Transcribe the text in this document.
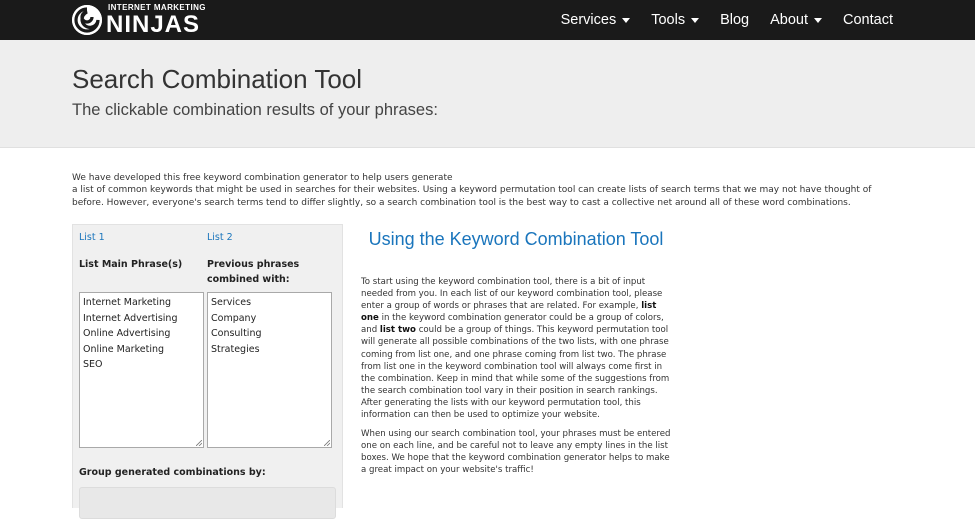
INTERNET MARKETING
NINJAS	Services Tools Blog About Contact
Search Combination Tool
The clickable combination results of your phrases:

We have developed this free keyword combination generator to help users generate

a list of common keywords that might be used in searches for their websites. Using a keyword permutation tool can create lists of search terms that we may not have thought of before. However, everyone's search terms tend to differ slightly, so a search combination tool is the best way to cast a collective net around all of these word combinations.

List 1
List Main Phrase(s)
Internet Marketing
Internet Advertising
Online Advertising
Online Marketing
SEO
List 2
Previous phrases combined with:
Services
Company
Consulting
Strategies
Group generated combinations by:
Using the Keyword Combination Tool

To start using the keyword combination tool, there is a bit of input needed from you. In each list of our keyword combination tool, please enter a group of words or phrases that are related. For example, list one in the keyword combination generator could be a group of colors, and list two could be a group of things. This keyword permutation tool will generate all possible combinations of the two lists, with one phrase coming from list one, and one phrase coming from list two. The phrase from list one in the keyword combination tool will always come first in the combination. Keep in mind that while some of the suggestions from the search combination tool vary in their position in search rankings. After generating the lists with our keyword permutation tool, this information can then be used to optimize your website.

When using our search combination tool, your phrases must be entered one on each line, and be careful not to leave any empty lines in the list boxes. We hope that the keyword combination generator helps to make a great impact on your website's traffic!
